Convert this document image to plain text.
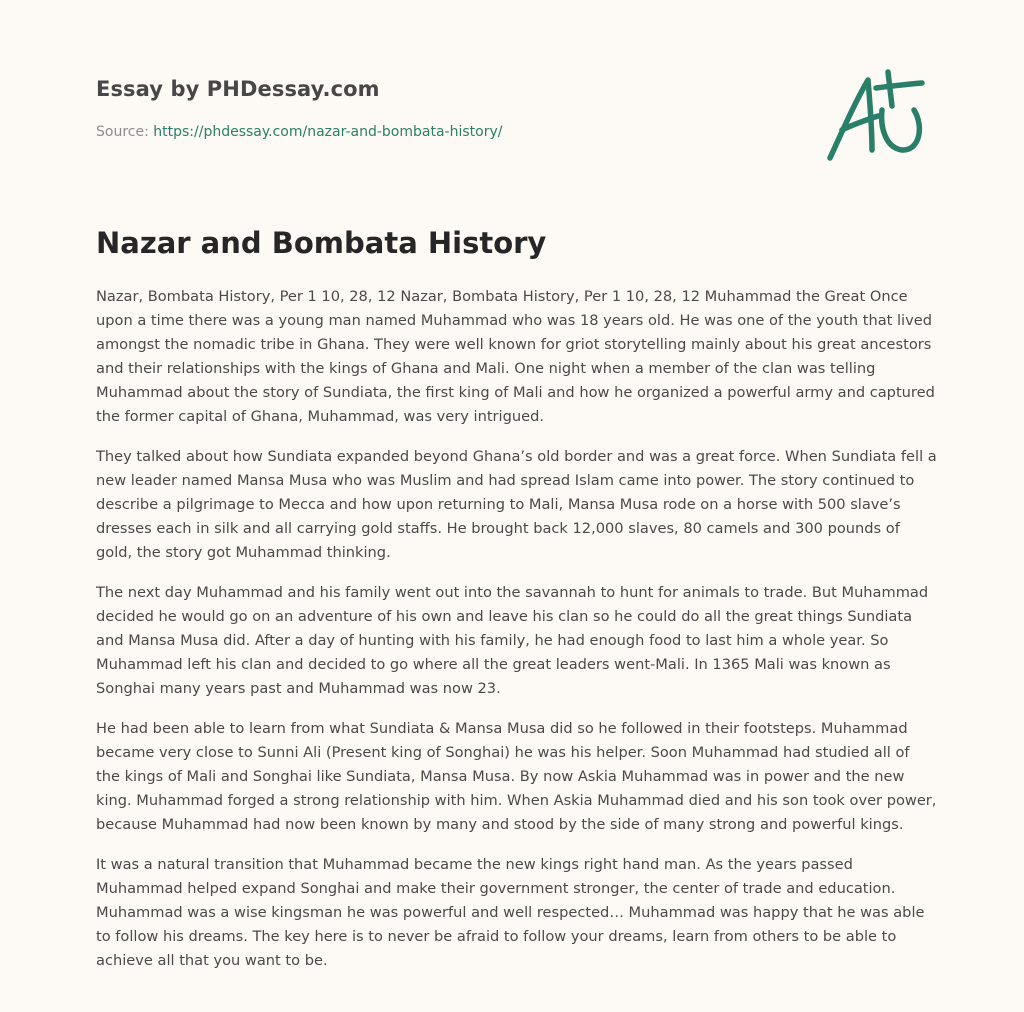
Essay by PHDessay.com
Source: https://phdessay.com/nazar-and-bombata-history/
Nazar and Bombata History

Nazar, Bombata History, Per 1 10, 28, 12 Nazar, Bombata History, Per 1 10, 28, 12 Muhammad the Great Once upon a time there was a young man named Muhammad who was 18 years old. He was one of the youth that lived amongst the nomadic tribe in Ghana. They were well known for griot storytelling mainly about his great ancestors and their relationships with the kings of Ghana and Mali. One night when a member of the clan was telling Muhammad about the story of Sundiata, the first king of Mali and how he organized a powerful army and captured the former capital of Ghana, Muhammad, was very intrigued.

They talked about how Sundiata expanded beyond Ghana’s old border and was a great force. When Sundiata fell a new leader named Mansa Musa who was Muslim and had spread Islam came into power. The story continued to describe a pilgrimage to Mecca and how upon returning to Mali, Mansa Musa rode on a horse with 500 slave’s dresses each in silk and all carrying gold staffs. He brought back 12,000 slaves, 80 camels and 300 pounds of gold, the story got Muhammad thinking.

The next day Muhammad and his family went out into the savannah to hunt for animals to trade. But Muhammad decided he would go on an adventure of his own and leave his clan so he could do all the great things Sundiata and Mansa Musa did. After a day of hunting with his family, he had enough food to last him a whole year. So Muhammad left his clan and decided to go where all the great leaders went-Mali. In 1365 Mali was known as Songhai many years past and Muhammad was now 23.

He had been able to learn from what Sundiata & Mansa Musa did so he followed in their footsteps. Muhammad became very close to Sunni Ali (Present king of Songhai) he was his helper. Soon Muhammad had studied all of the kings of Mali and Songhai like Sundiata, Mansa Musa. By now Askia Muhammad was in power and the new king. Muhammad forged a strong relationship with him. When Askia Muhammad died and his son took over power, because Muhammad had now been known by many and stood by the side of many strong and powerful kings.

It was a natural transition that Muhammad became the new kings right hand man. As the years passed Muhammad helped expand Songhai and make their government stronger, the center of trade and education. Muhammad was a wise kingsman he was powerful and well respected… Muhammad was happy that he was able to follow his dreams. The key here is to never be afraid to follow your dreams, learn from others to be able to achieve all that you want to be.
